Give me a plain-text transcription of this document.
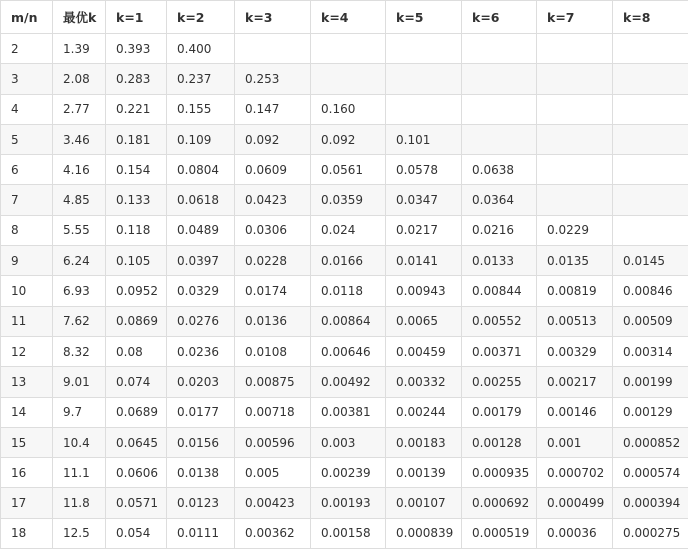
m/n	最优k	k=1	k=2	k=3	k=4	k=5	k=6	k=7	k=8
2	1.39	0.393	0.400						
3	2.08	0.283	0.237	0.253					
4	2.77	0.221	0.155	0.147	0.160				
5	3.46	0.181	0.109	0.092	0.092	0.101			
6	4.16	0.154	0.0804	0.0609	0.0561	0.0578	0.0638		
7	4.85	0.133	0.0618	0.0423	0.0359	0.0347	0.0364		
8	5.55	0.118	0.0489	0.0306	0.024	0.0217	0.0216	0.0229	
9	6.24	0.105	0.0397	0.0228	0.0166	0.0141	0.0133	0.0135	0.0145
10	6.93	0.0952	0.0329	0.0174	0.0118	0.00943	0.00844	0.00819	0.00846
11	7.62	0.0869	0.0276	0.0136	0.00864	0.0065	0.00552	0.00513	0.00509
12	8.32	0.08	0.0236	0.0108	0.00646	0.00459	0.00371	0.00329	0.00314
13	9.01	0.074	0.0203	0.00875	0.00492	0.00332	0.00255	0.00217	0.00199
14	9.7	0.0689	0.0177	0.00718	0.00381	0.00244	0.00179	0.00146	0.00129
15	10.4	0.0645	0.0156	0.00596	0.003	0.00183	0.00128	0.001	0.000852
16	11.1	0.0606	0.0138	0.005	0.00239	0.00139	0.000935	0.000702	0.000574
17	11.8	0.0571	0.0123	0.00423	0.00193	0.00107	0.000692	0.000499	0.000394
18	12.5	0.054	0.0111	0.00362	0.00158	0.000839	0.000519	0.00036	0.000275
